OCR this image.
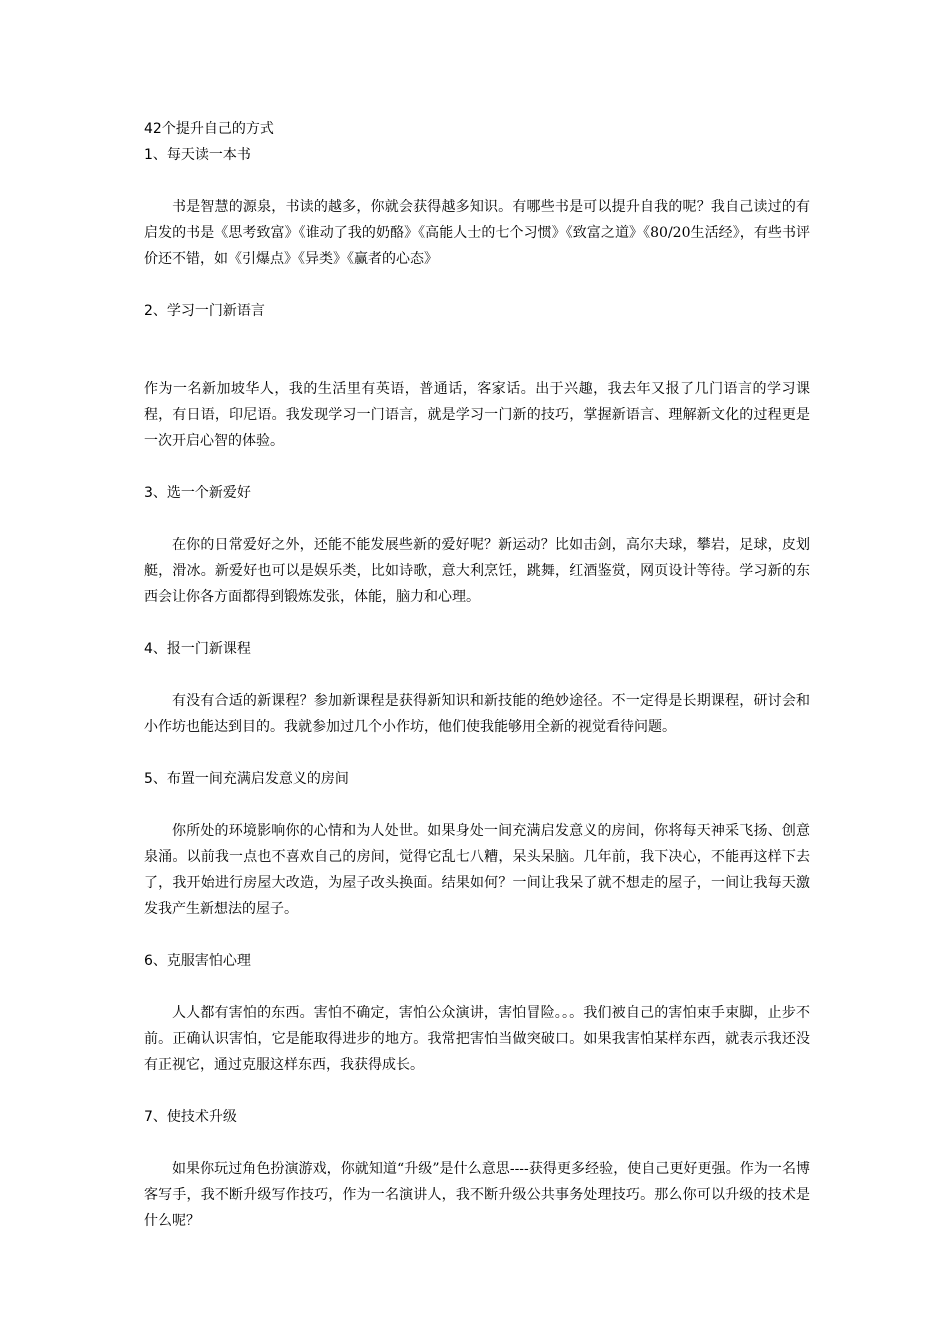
42个提升自己的方式

1、每天读一本书

书是智慧的源泉，书读的越多，你就会获得越多知识。有哪些书是可以提升自我的呢？我自己读过的有启发的书是《思考致富》《谁动了我的奶酪》《高能人士的七个习惯》《致富之道》《80/20生活经》，有些书评价还不错，如《引爆点》《异类》《赢者的心态》

2、学习一门新语言

作为一名新加坡华人，我的生活里有英语，普通话，客家话。出于兴趣，我去年又报了几门语言的学习课程，有日语，印尼语。我发现学习一门语言，就是学习一门新的技巧，掌握新语言、理解新文化的过程更是一次开启心智的体验。

3、选一个新爱好

在你的日常爱好之外，还能不能发展些新的爱好呢？新运动？比如击剑，高尔夫球，攀岩，足球，皮划艇，滑冰。新爱好也可以是娱乐类，比如诗歌，意大利烹饪，跳舞，红酒鉴赏，网页设计等待。学习新的东西会让你各方面都得到锻炼发张，体能，脑力和心理。

4、报一门新课程

有没有合适的新课程？参加新课程是获得新知识和新技能的绝妙途径。不一定得是长期课程，研讨会和小作坊也能达到目的。我就参加过几个小作坊，他们使我能够用全新的视觉看待问题。

5、布置一间充满启发意义的房间

你所处的环境影响你的心情和为人处世。如果身处一间充满启发意义的房间，你将每天神采飞扬、创意泉涌。以前我一点也不喜欢自己的房间，觉得它乱七八糟，呆头呆脑。几年前，我下决心，不能再这样下去了，我开始进行房屋大改造，为屋子改头换面。结果如何？一间让我呆了就不想走的屋子，一间让我每天激发我产生新想法的屋子。

6、克服害怕心理

人人都有害怕的东西。害怕不确定，害怕公众演讲，害怕冒险。。。我们被自己的害怕束手束脚，止步不前。正确认识害怕，它是能取得进步的地方。我常把害怕当做突破口。如果我害怕某样东西，就表示我还没有正视它，通过克服这样东西，我获得成长。

7、使技术升级

如果你玩过角色扮演游戏，你就知道“升级”是什么意思----获得更多经验，使自己更好更强。作为一名博客写手，我不断升级写作技巧，作为一名演讲人，我不断升级公共事务处理技巧。那么你可以升级的技术是什么呢？
